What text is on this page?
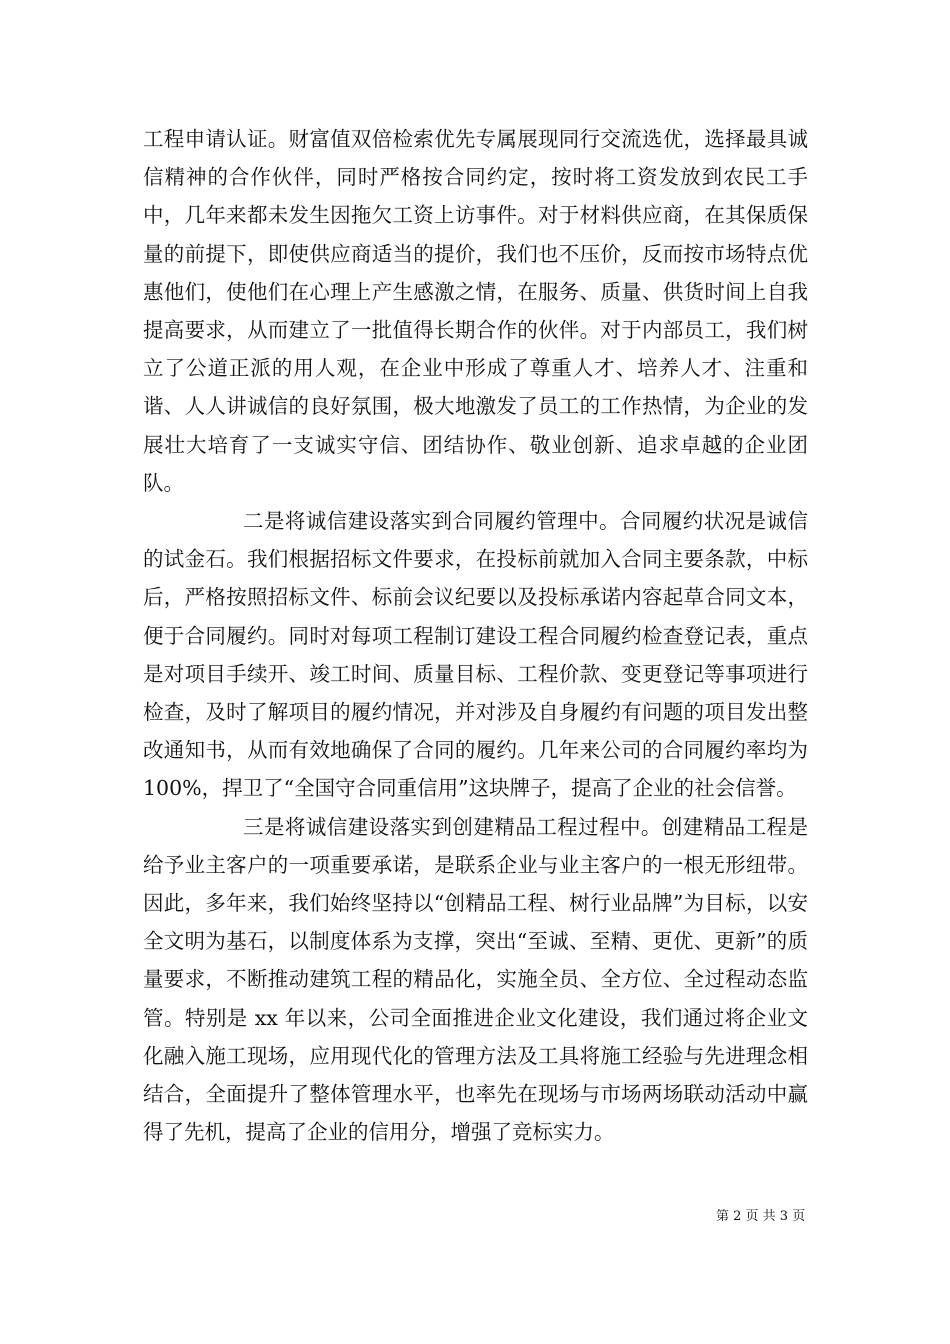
工程申请认证。财富值双倍检索优先专属展现同行交流选优，选择最具诚信精神的合作伙伴，同时严格按合同约定，按时将工资发放到农民工手中，几年来都未发生因拖欠工资上访事件。对于材料供应商，在其保质保量的前提下，即使供应商适当的提价，我们也不压价，反而按市场特点优惠他们，使他们在心理上产生感激之情，在服务、质量、供货时间上自我提高要求，从而建立了一批值得长期合作的伙伴。对于内部员工，我们树立了公道正派的用人观，在企业中形成了尊重人才、培养人才、注重和谐、人人讲诚信的良好氛围，极大地激发了员工的工作热情，为企业的发展壮大培育了一支诚实守信、团结协作、敬业创新、追求卓越的企业团队。

二是将诚信建设落实到合同履约管理中。合同履约状况是诚信的试金石。我们根据招标文件要求，在投标前就加入合同主要条款，中标后，严格按照招标文件、标前会议纪要以及投标承诺内容起草合同文本，便于合同履约。同时对每项工程制订建设工程合同履约检查登记表，重点是对项目手续开、竣工时间、质量目标、工程价款、变更登记等事项进行检查，及时了解项目的履约情况，并对涉及自身履约有问题的项目发出整改通知书，从而有效地确保了合同的履约。几年来公司的合同履约率均为 100%，捍卫了“全国守合同重信用”这块牌子，提高了企业的社会信誉。

三是将诚信建设落实到创建精品工程过程中。创建精品工程是给予业主客户的一项重要承诺，是联系企业与业主客户的一根无形纽带。因此，多年来，我们始终坚持以“创精品工程、树行业品牌”为目标，以安全文明为基石，以制度体系为支撑，突出“至诚、至精、更优、更新”的质量要求，不断推动建筑工程的精品化，实施全员、全方位、全过程动态监管。特别是 xx 年以来，公司全面推进企业文化建设，我们通过将企业文化融入施工现场，应用现代化的管理方法及工具将施工经验与先进理念相结合，全面提升了整体管理水平，也率先在现场与市场两场联动活动中赢得了先机，提高了企业的信用分，增强了竞标实力。

第 2 页 共 3 页
